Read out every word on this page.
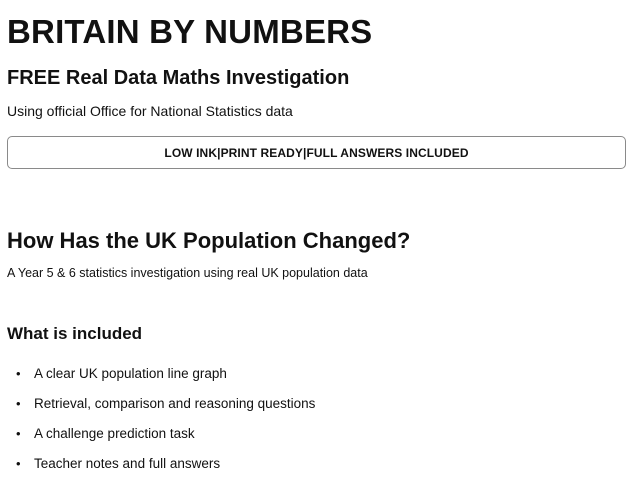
BRITAIN BY NUMBERS
FREE Real Data Maths Investigation

Using official Office for National Statistics data

LOW INK | PRINT READY | FULL ANSWERS INCLUDED
How Has the UK Population Changed?

A Year 5 & 6 statistics investigation using real UK population data

What is included
• A clear UK population line graph
• Retrieval, comparison and reasoning questions
• A challenge prediction task
• Teacher notes and full answers
